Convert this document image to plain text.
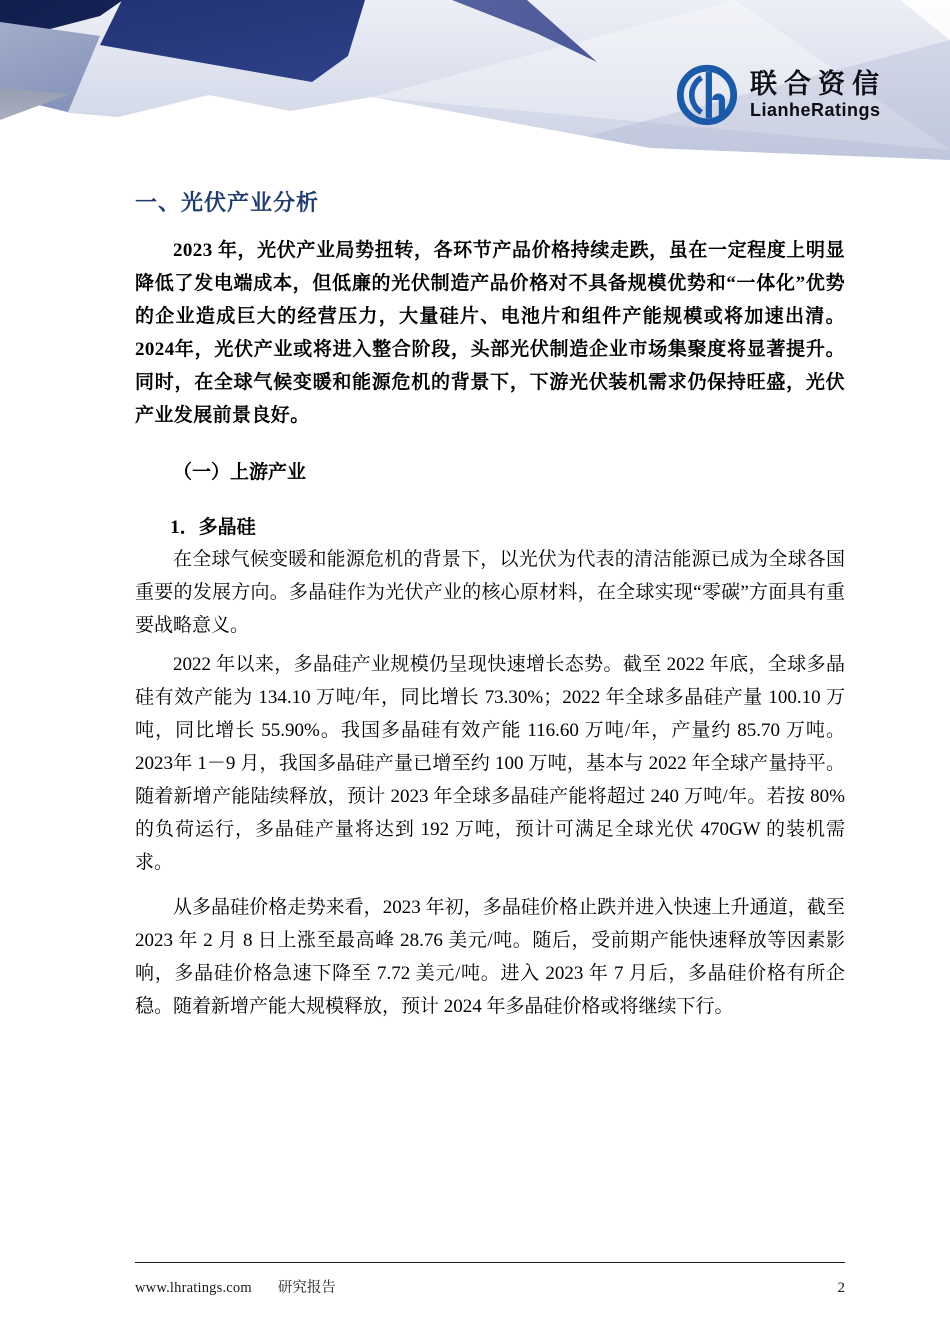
联合资信
LianheRatings
一、光伏产业分析

2023 年，光伏产业局势扭转，各环节产品价格持续走跌，虽在一定程度上明显降低了发电端成本，但低廉的光伏制造产品价格对不具备规模优势和“一体化”优势的企业造成巨大的经营压力，大量硅片、电池片和组件产能规模或将加速出清。2024年，光伏产业或将进入整合阶段，头部光伏制造企业市场集聚度将显著提升。同时，在全球气候变暖和能源危机的背景下，下游光伏装机需求仍保持旺盛，光伏产业发展前景良好。

（一）上游产业
1．多晶硅

在全球气候变暖和能源危机的背景下，以光伏为代表的清洁能源已成为全球各国重要的发展方向。多晶硅作为光伏产业的核心原材料，在全球实现“零碳”方面具有重要战略意义。

2022 年以来，多晶硅产业规模仍呈现快速增长态势。截至 2022 年底，全球多晶硅有效产能为 134.10 万吨/年，同比增长 73.30%；2022 年全球多晶硅产量 100.10 万吨，同比增长 55.90%。我国多晶硅有效产能 116.60 万吨/年，产量约 85.70 万吨。2023年 1－9 月，我国多晶硅产量已增至约 100 万吨，基本与 2022 年全球产量持平。随着新增产能陆续释放，预计 2023 年全球多晶硅产能将超过 240 万吨/年。若按 80%的负荷运行，多晶硅产量将达到 192 万吨，预计可满足全球光伏 470GW 的装机需求。

从多晶硅价格走势来看，2023 年初，多晶硅价格止跌并进入快速上升通道，截至2023 年 2 月 8 日上涨至最高峰 28.76 美元/吨。随后，受前期产能快速释放等因素影响，多晶硅价格急速下降至 7.72 美元/吨。进入 2023 年 7 月后，多晶硅价格有所企稳。随着新增产能大规模释放，预计 2024 年多晶硅价格或将继续下行。

www.lhratings.com 研究报告	2
